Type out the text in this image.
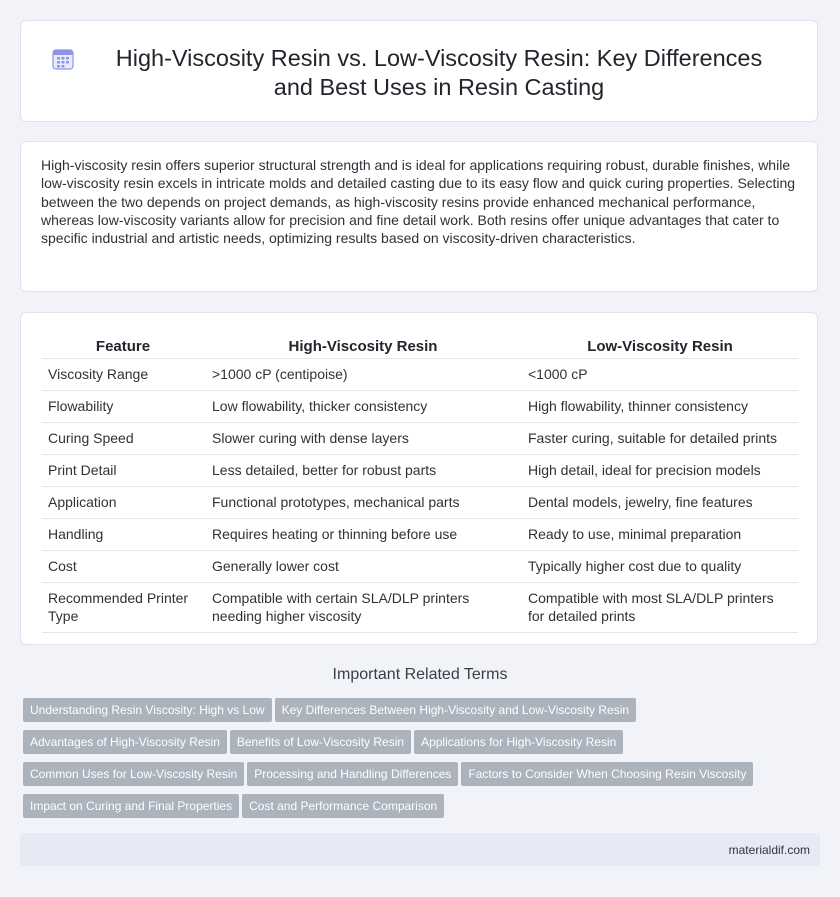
High-Viscosity Resin vs. Low-Viscosity Resin: Key Differences and Best Uses in Resin Casting

High-viscosity resin offers superior structural strength and is ideal for applications requiring robust, durable finishes, while low-viscosity resin excels in intricate molds and detailed casting due to its easy flow and quick curing properties. Selecting between the two depends on project demands, as high-viscosity resins provide enhanced mechanical performance, whereas low-viscosity variants allow for precision and fine detail work. Both resins offer unique advantages that cater to specific industrial and artistic needs, optimizing results based on viscosity-driven characteristics.

Feature	High-Viscosity Resin	Low-Viscosity Resin
Viscosity Range	>1000 cP (centipoise)	<1000 cP
Flowability	Low flowability, thicker consistency	High flowability, thinner consistency
Curing Speed	Slower curing with dense layers	Faster curing, suitable for detailed prints
Print Detail	Less detailed, better for robust parts	High detail, ideal for precision models
Application	Functional prototypes, mechanical parts	Dental models, jewelry, fine features
Handling	Requires heating or thinning before use	Ready to use, minimal preparation
Cost	Generally lower cost	Typically higher cost due to quality
Recommended Printer Type	Compatible with certain SLA/DLP printers needing higher viscosity	Compatible with most SLA/DLP printers for detailed prints
Important Related Terms
Understanding Resin Viscosity: High vs Low Key Differences Between High-Viscosity and Low-Viscosity Resin
Advantages of High-Viscosity Resin Benefits of Low-Viscosity Resin Applications for High-Viscosity Resin
Common Uses for Low-Viscosity Resin Processing and Handling Differences Factors to Consider When Choosing Resin Viscosity
Impact on Curing and Final Properties Cost and Performance Comparison
materialdif.com
